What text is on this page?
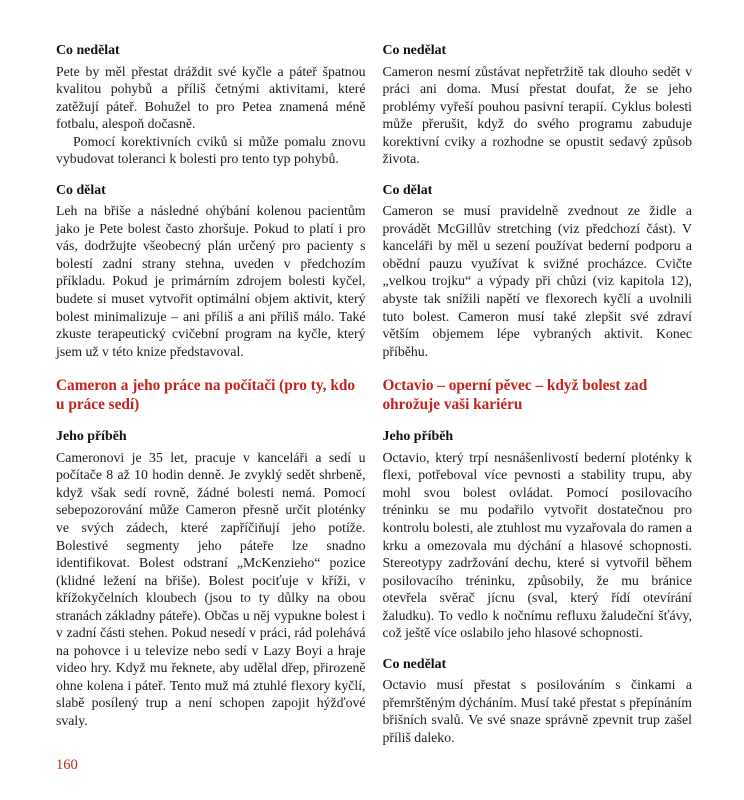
Co nedělat

Pete by měl přestat dráždit své kyčle a páteř špatnou kvalitou pohybů a příliš četnými aktivitami, které zatěžují páteř. Bohužel to pro Petea znamená méně fotbalu, alespoň dočasně.

Pomocí korektivních cviků si může pomalu znovu vybudovat toleranci k bolesti pro tento typ pohybů.

Co dělat

Leh na břiše a následné ohýbání kolenou pacientům jako je Pete bolest často zhoršuje. Pokud to platí i pro vás, dodržujte všeobecný plán určený pro pacienty s bolestí zadní strany stehna, uveden v předchozím příkladu. Pokud je primárním zdrojem bolesti kyčel, budete si muset vytvořit optimální objem aktivit, který bolest minimalizuje – ani příliš a ani příliš málo. Také zkuste terapeutický cvičební program na kyčle, který jsem už v této knize představoval.

Cameron a jeho práce na počítači (pro ty, kdo u práce sedí)
Jeho příběh

Cameronovi je 35 let, pracuje v kanceláři a sedí u počítače 8 až 10 hodin denně. Je zvyklý sedět shrbeně, když však sedí rovně, žádné bolesti nemá. Pomocí sebepozorování může Cameron přesně určit ploténky ve svých zádech, které zapříčiňují jeho potíže. Bolestivé segmenty jeho páteře lze snadno identifikovat. Bolest odstraní „McKenzieho“ pozice (klidné ležení na břiše). Bolest pociťuje v kříži, v křížokyčelních kloubech (jsou to ty důlky na obou stranách základny páteře). Občas u něj vypukne bolest i v zadní části stehen. Pokud nesedí v práci, rád polehává na pohovce i u televize nebo sedí v Lazy Boyi a hraje video hry. Když mu řeknete, aby udělal dřep, přirozeně ohne kolena i páteř. Tento muž má ztuhlé flexory kyčlí, slabě posílený trup a není schopen zapojit hýžďové svaly.

Co nedělat

Cameron nesmí zůstávat nepřetržitě tak dlouho sedět v práci ani doma. Musí přestat doufat, že se jeho problémy vyřeší pouhou pasivní terapií. Cyklus bolesti může přerušit, když do svého programu zabuduje korektivní cviky a rozhodne se opustit sedavý způsob života.

Co dělat

Cameron se musí pravidelně zvednout ze židle a provádět McGillův stretching (viz předchozí část). V kanceláři by měl u sezení používat bederní podporu a obědní pauzu využívat k svižné procházce. Cvičte „velkou trojku“ a výpady při chůzi (viz kapitola 12), abyste tak snížili napětí ve flexorech kyčlí a uvolnili tuto bolest. Cameron musí také zlepšit své zdraví větším objemem lépe vybraných aktivit. Konec příběhu.

Octavio – operní pěvec – když bolest zad ohrožuje vaši kariéru
Jeho příběh

Octavio, který trpí nesnášenlivostí bederní ploténky k flexi, potřeboval více pevnosti a stability trupu, aby mohl svou bolest ovládat. Pomocí posilovacího tréninku se mu podařilo vytvořit dostatečnou pro kontrolu bolesti, ale ztuhlost mu vyzařovala do ramen a krku a omezovala mu dýchání a hlasové schopnosti. Stereotypy zadržování dechu, které si vytvořil během posilovacího tréninku, způsobily, že mu bránice otevřela svěrač jícnu (sval, který řídí otevírání žaludku). To vedlo k nočnímu refluxu žaludeční šťávy, což ještě více oslabilo jeho hlasové schopnosti.

Co nedělat

Octavio musí přestat s posilováním s činkami a přemrštěným dýcháním. Musí také přestat s přepínáním břišních svalů. Ve své snaze správně zpevnit trup zašel příliš daleko.

160
